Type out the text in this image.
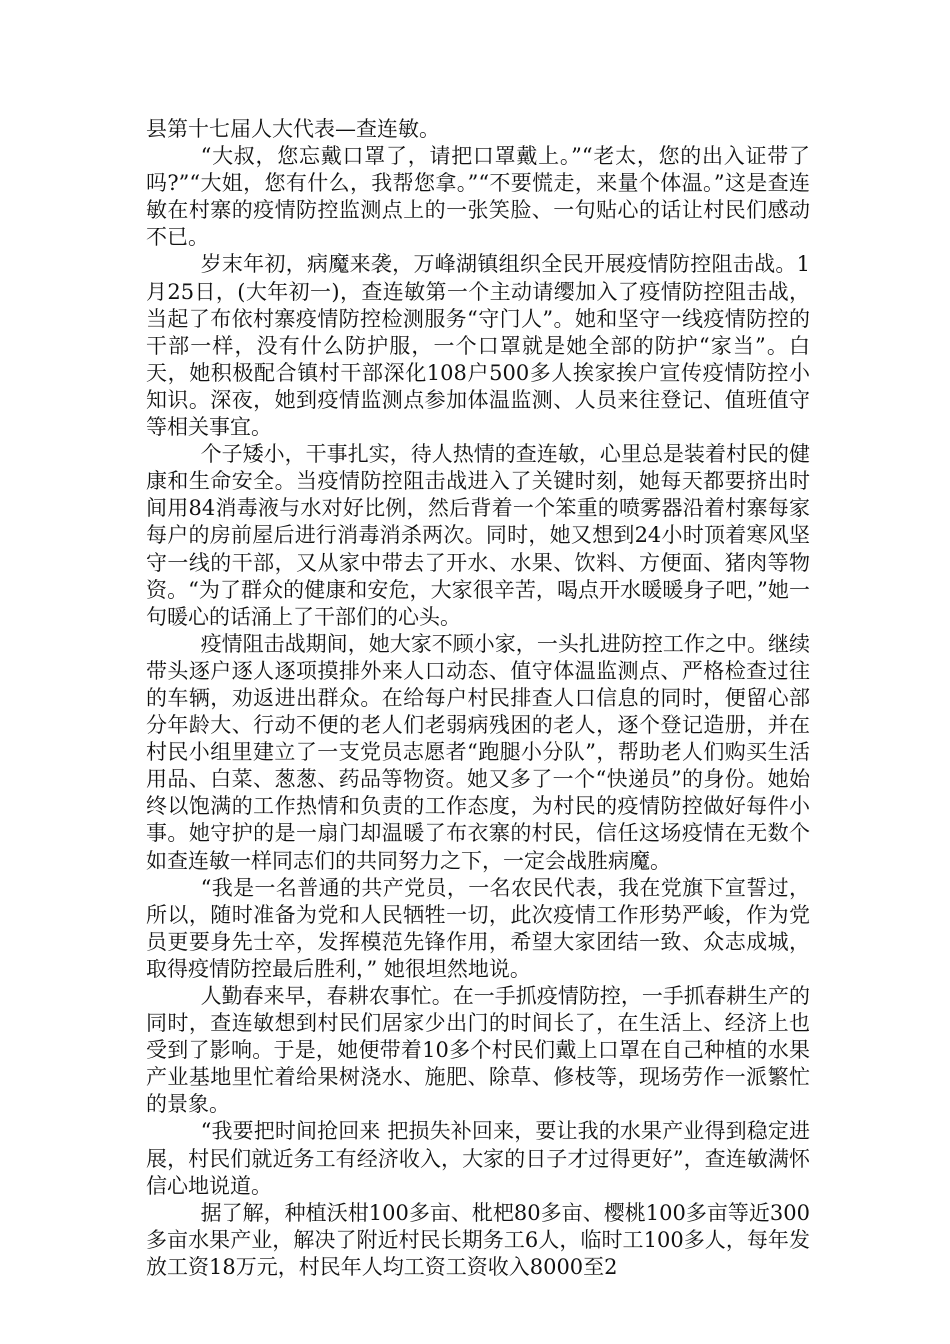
县第十七届人大代表—查连敏。

“大叔，您忘戴口罩了，请把口罩戴上。”“老太，您的出入证带了吗?”“大姐，您有什么，我帮您拿。”“不要慌走，来量个体温。”这是查连敏在村寨的疫情防控监测点上的一张笑脸、一句贴心的话让村民们感动不已。

岁末年初，病魔来袭，万峰湖镇组织全民开展疫情防控阻击战。1月25日，(大年初一)，查连敏第一个主动请缨加入了疫情防控阻击战，当起了布依村寨疫情防控检测服务“守门人”。她和坚守一线疫情防控的干部一样，没有什么防护服，一个口罩就是她全部的防护“家当”。白天，她积极配合镇村干部深化108户500多人挨家挨户宣传疫情防控小知识。深夜，她到疫情监测点参加体温监测、人员来往登记、值班值守等相关事宜。

个子矮小，干事扎实，待人热情的查连敏，心里总是装着村民的健康和生命安全。当疫情防控阻击战进入了关键时刻，她每天都要挤出时间用84消毒液与水对好比例，然后背着一个笨重的喷雾器沿着村寨每家每户的房前屋后进行消毒消杀两次。同时，她又想到24小时顶着寒风坚守一线的干部，又从家中带去了开水、水果、饮料、方便面、猪肉等物资。“为了群众的健康和安危，大家很辛苦，喝点开水暖暖身子吧，”她一句暖心的话涌上了干部们的心头。

疫情阻击战期间，她大家不顾小家，一头扎进防控工作之中。继续带头逐户逐人逐项摸排外来人口动态、值守体温监测点、严格检查过往的车辆，劝返进出群众。在给每户村民排查人口信息的同时，便留心部分年龄大、行动不便的老人们老弱病残困的老人，逐个登记造册，并在村民小组里建立了一支党员志愿者“跑腿小分队”，帮助老人们购买生活用品、白菜、葱葱、药品等物资。她又多了一个“快递员”的身份。她始终以饱满的工作热情和负责的工作态度，为村民的疫情防控做好每件小事。她守护的是一扇门却温暖了布衣寨的村民，信任这场疫情在无数个如查连敏一样同志们的共同努力之下，一定会战胜病魔。

“我是一名普通的共产党员，一名农民代表，我在党旗下宣誓过，所以，随时准备为党和人民牺牲一切，此次疫情工作形势严峻，作为党员更要身先士卒，发挥模范先锋作用，希望大家团结一致、众志成城，取得疫情防控最后胜利，” 她很坦然地说。

人勤春来早，春耕农事忙。在一手抓疫情防控，一手抓春耕生产的同时，查连敏想到村民们居家少出门的时间长了，在生活上、经济上也受到了影响。于是，她便带着10多个村民们戴上口罩在自己种植的水果产业基地里忙着给果树浇水、施肥、除草、修枝等，现场劳作一派繁忙的景象。

“我要把时间抢回来 把损失补回来，要让我的水果产业得到稳定进展，村民们就近务工有经济收入，大家的日子才过得更好”，查连敏满怀信心地说道。

据了解，种植沃柑100多亩、枇杷80多亩、樱桃100多亩等近300多亩水果产业，解决了附近村民长期务工6人，临时工100多人，每年发放工资18万元，村民年人均工资工资收入8000至2
